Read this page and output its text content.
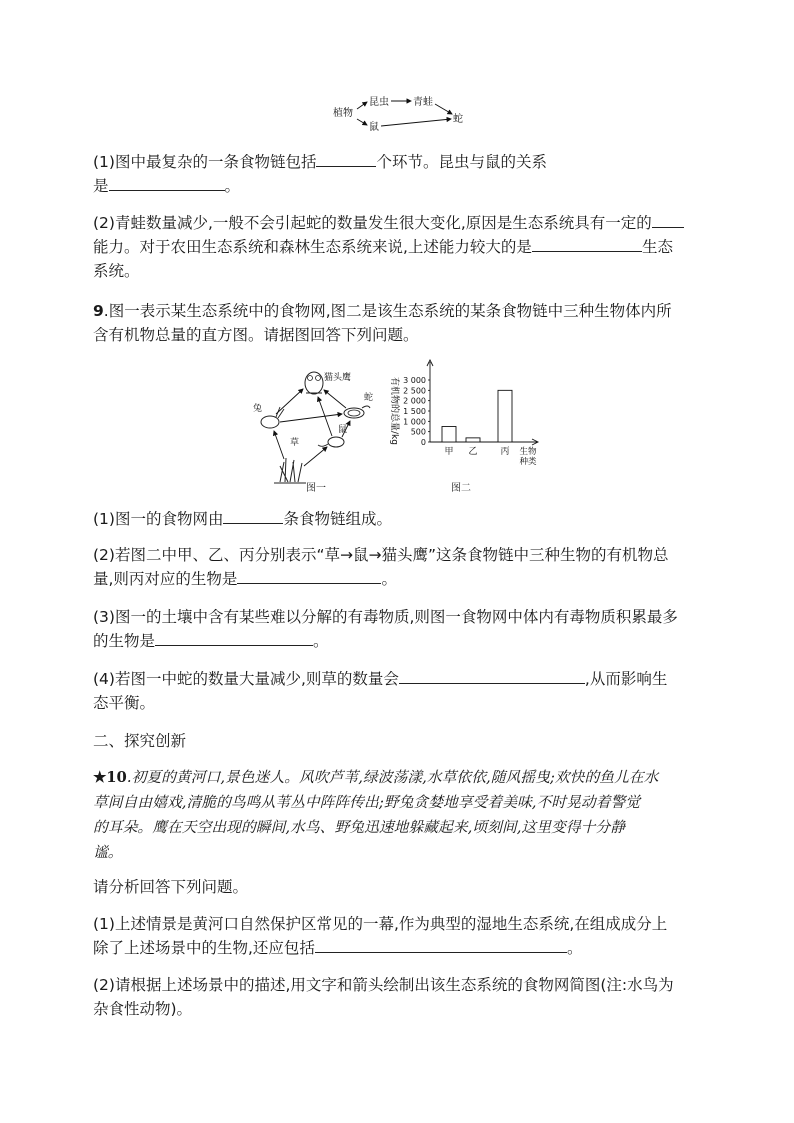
植物
昆虫 青蛙
鼠
蛇

(1)图中最复杂的一条食物链包括	个环节。昆虫与鼠的关系

是	。

(2)青蛙数量减少,一般不会引起蛇的数量发生很大变化,原因是生态系统具有一定的

能力。对于农田生态系统和森林生态系统来说,上述能力较大的是	生态

系统。

9.图一表示某生态系统中的食物网,图二是该生态系统的某条食物链中三种生物体内所

含有机物总量的直方图。请据图回答下列问题。

猫头鹰
蛇
兔
鼠
草
图一
3 000
2 500
2 000
1 500
1 000
500
0
有机物的总量/kg
甲 乙	丙 生物
种类
图二

(1)图一的食物网由	条食物链组成。

(2)若图二中甲、乙、丙分别表示“草→鼠→猫头鹰”这条食物链中三种生物的有机物总

量,则丙对应的生物是	。

(3)图一的土壤中含有某些难以分解的有毒物质,则图一食物网中体内有毒物质积累最多

的生物是	。

(4)若图一中蛇的数量大量减少,则草的数量会	,从而影响生

态平衡。

二、探究创新

★10.初夏的黄河口,景色迷人。风吹芦苇,绿波荡漾,水草依依,随风摇曳;欢快的鱼儿在水

草间自由嬉戏,清脆的鸟鸣从苇丛中阵阵传出;野兔贪婪地享受着美味,不时晃动着警觉

的耳朵。鹰在天空出现的瞬间,水鸟、野兔迅速地躲藏起来,顷刻间,这里变得十分静

谧。

请分析回答下列问题。

(1)上述情景是黄河口自然保护区常见的一幕,作为典型的湿地生态系统,在组成成分上

除了上述场景中的生物,还应包括	。

(2)请根据上述场景中的描述,用文字和箭头绘制出该生态系统的食物网简图(注:水鸟为

杂食性动物)。
